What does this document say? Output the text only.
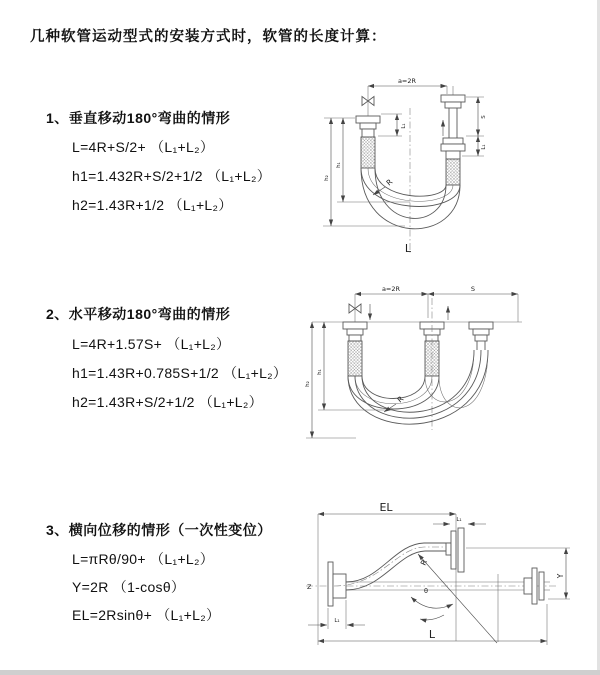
几种软管运动型式的安装方式时，软管的长度计算：
1、垂直移动180°弯曲的情形
L=4R+S/2+ （L₁+L₂）
h1=1.432R+S/2+1/2 （L₁+L₂）
h2=1.43R+1/2 （L₁+L₂）
2、水平移动180°弯曲的情形
L=4R+1.57S+ （L₁+L₂）
h1=1.43R+0.785S+1/2 （L₁+L₂）
h2=1.43R+S/2+1/2 （L₁+L₂）
3、横向位移的情形（一次性变位）
L=πRθ/90+ （L₁+L₂）
Y=2R （1-cosθ）
EL=2Rsinθ+ （L₁+L₂）
a=2R
R
L
h₁
h₂
L₁
S
L₁
a=2R	S
h₁
h₂
R
EL
L₁
Z
R
θ
Y
L₁
L
